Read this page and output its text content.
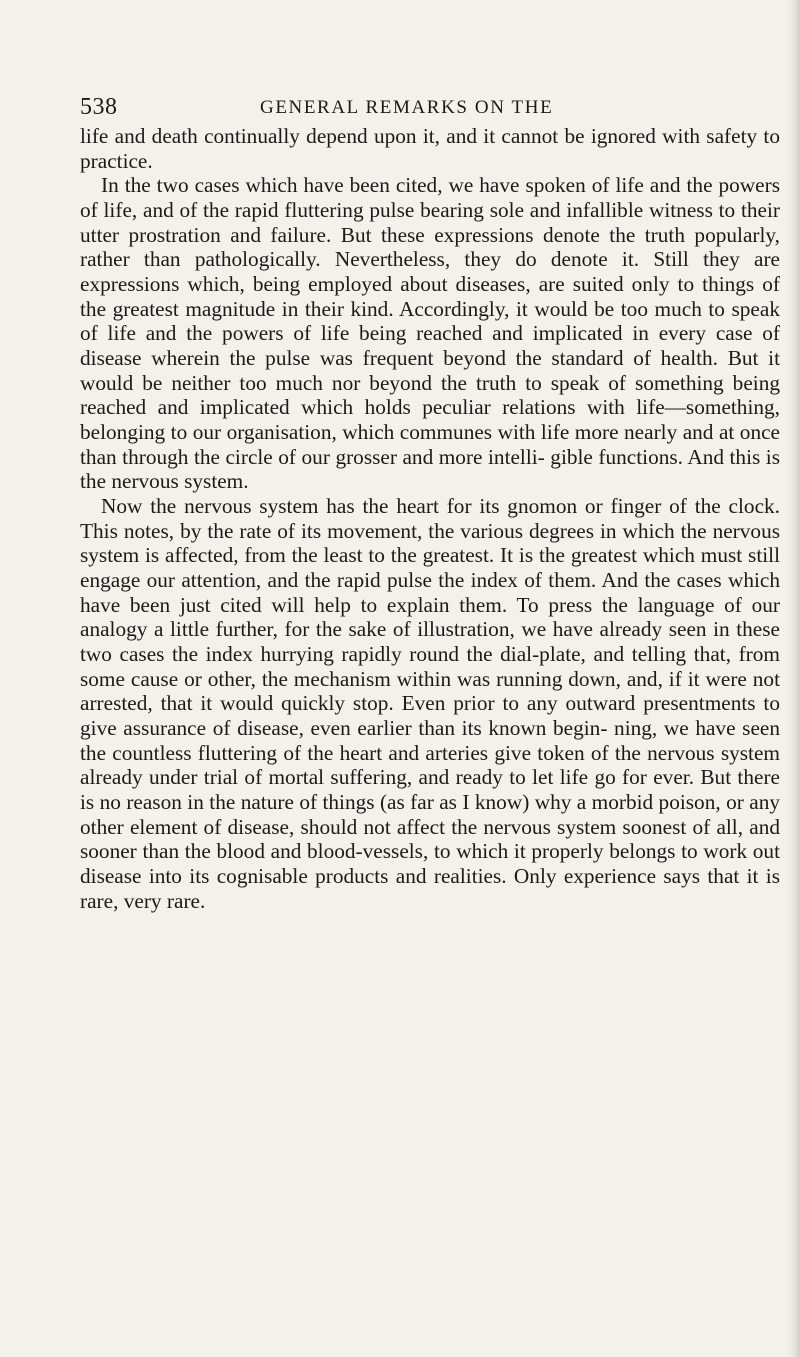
538	GENERAL REMARKS ON THE

life and death continually depend upon it, and it cannot be ignored with safety to practice.

In the two cases which have been cited, we have spoken of life and the powers of life, and of the rapid fluttering pulse bearing sole and infallible witness to their utter prostration and failure. But these expressions denote the truth popularly, rather than pathologically. Nevertheless, they do denote it. Still they are expressions which, being employed about diseases, are suited only to things of the greatest magnitude in their kind. Accordingly, it would be too much to speak of life and the powers of life being reached and implicated in every case of disease wherein the pulse was frequent beyond the standard of health. But it would be neither too much nor beyond the truth to speak of something being reached and implicated which holds peculiar relations with life—something, belonging to our organisation, which communes with life more nearly and at once than through the circle of our grosser and more intelli- gible functions. And this is the nervous system.

Now the nervous system has the heart for its gnomon or finger of the clock. This notes, by the rate of its movement, the various degrees in which the nervous system is affected, from the least to the greatest. It is the greatest which must still engage our attention, and the rapid pulse the index of them. And the cases which have been just cited will help to explain them. To press the language of our analogy a little further, for the sake of illustration, we have already seen in these two cases the index hurrying rapidly round the dial-plate, and telling that, from some cause or other, the mechanism within was running down, and, if it were not arrested, that it would quickly stop. Even prior to any outward presentments to give assurance of disease, even earlier than its known begin- ning, we have seen the countless fluttering of the heart and arteries give token of the nervous system already under trial of mortal suffering, and ready to let life go for ever. But there is no reason in the nature of things (as far as I know) why a morbid poison, or any other element of disease, should not affect the nervous system soonest of all, and sooner than the blood and blood-vessels, to which it properly belongs to work out disease into its cognisable products and realities. Only experience says that it is rare, very rare.
